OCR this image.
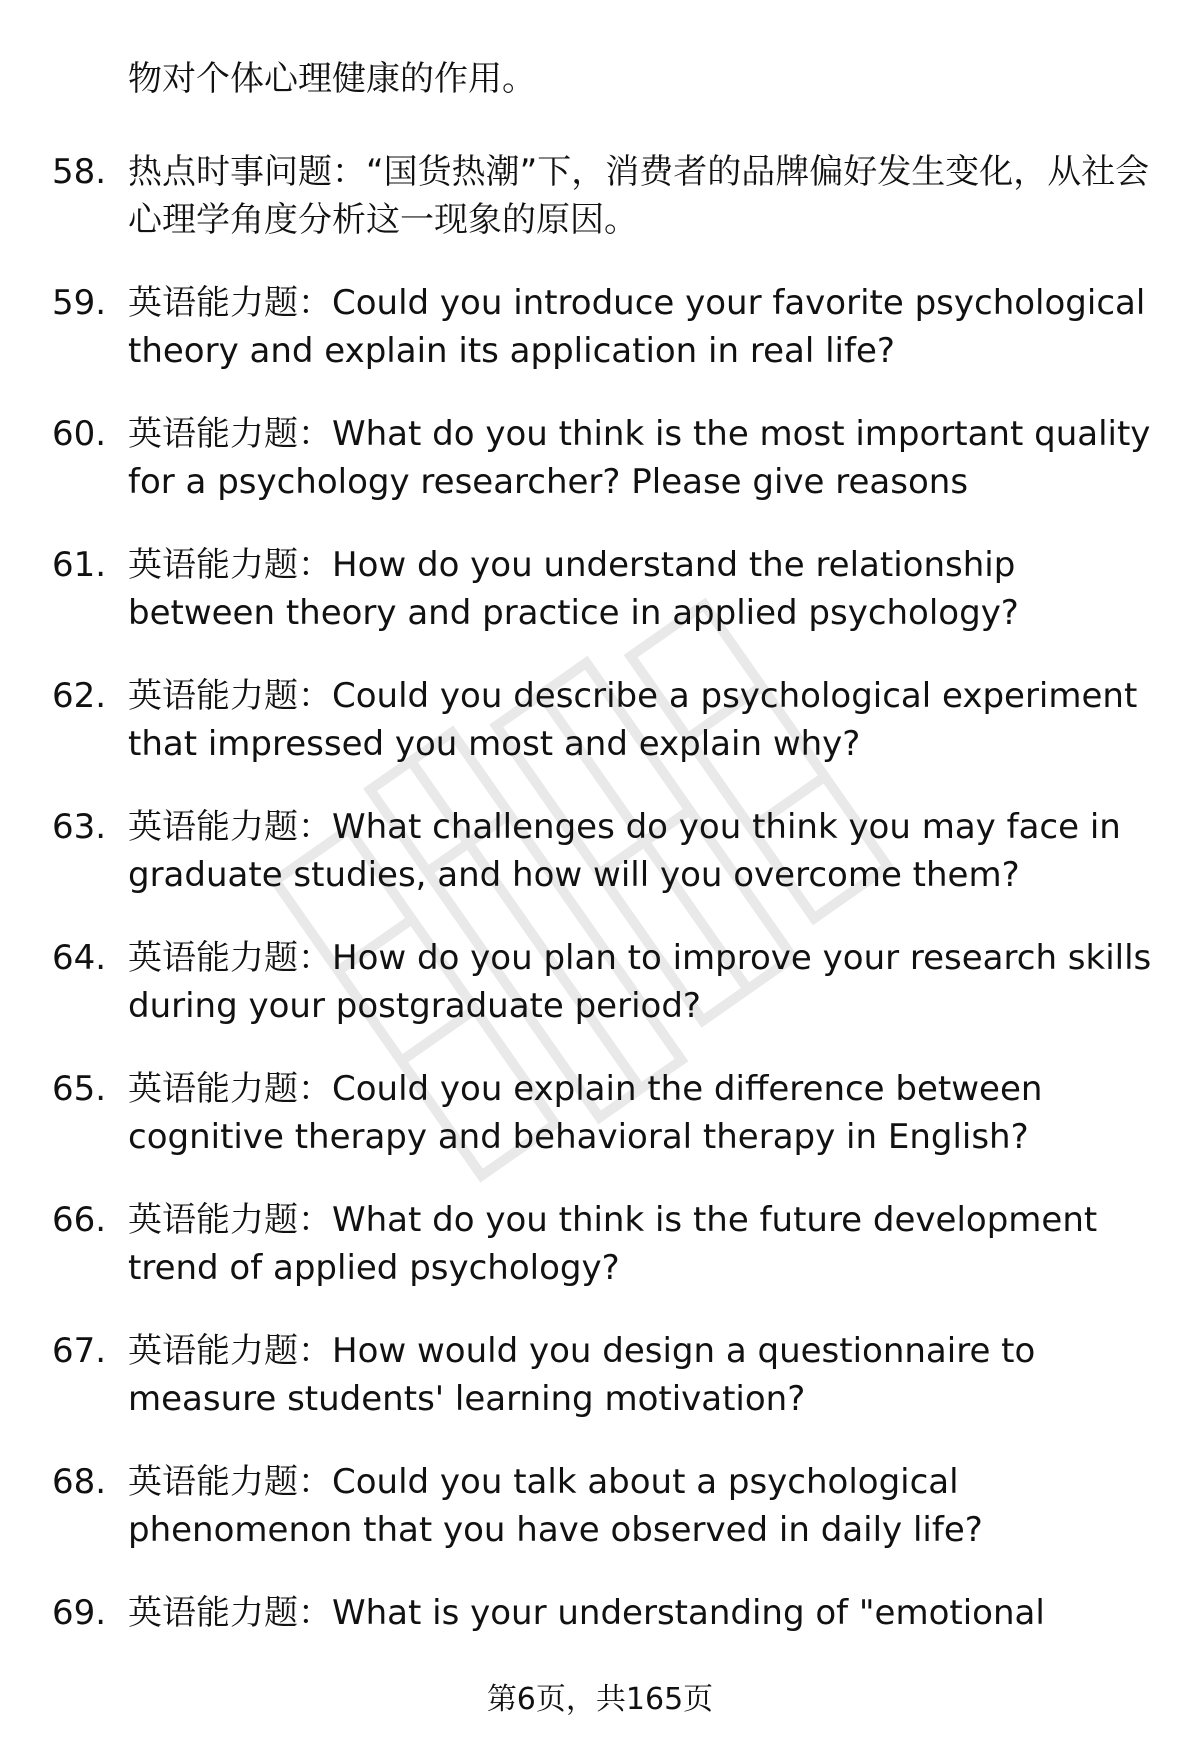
物对个体心理健康的作用。

58. 热点时事问题：“国货热潮”下，消费者的品牌偏好发生变化，从社会心理学角度分析这一现象的原因。
59. 英语能力题：Could you introduce your favorite psychological theory and explain its application in real life?
60. 英语能力题：What do you think is the most important quality for a psychology researcher? Please give reasons
61. 英语能力题：How do you understand the relationship between theory and practice in applied psychology?
62. 英语能力题：Could you describe a psychological experiment that impressed you most and explain why?
63. 英语能力题：What challenges do you think you may face in graduate studies, and how will you overcome them?
64. 英语能力题：How do you plan to improve your research skills during your postgraduate period?
65. 英语能力题：Could you explain the difference between cognitive therapy and behavioral therapy in English?
66. 英语能力题：What do you think is the future development trend of applied psychology?
67. 英语能力题：How would you design a questionnaire to measure students' learning motivation?
68. 英语能力题：Could you talk about a psychological phenomenon that you have observed in daily life?
69. 英语能力题：What is your understanding of "emotional
第6页，共165页
